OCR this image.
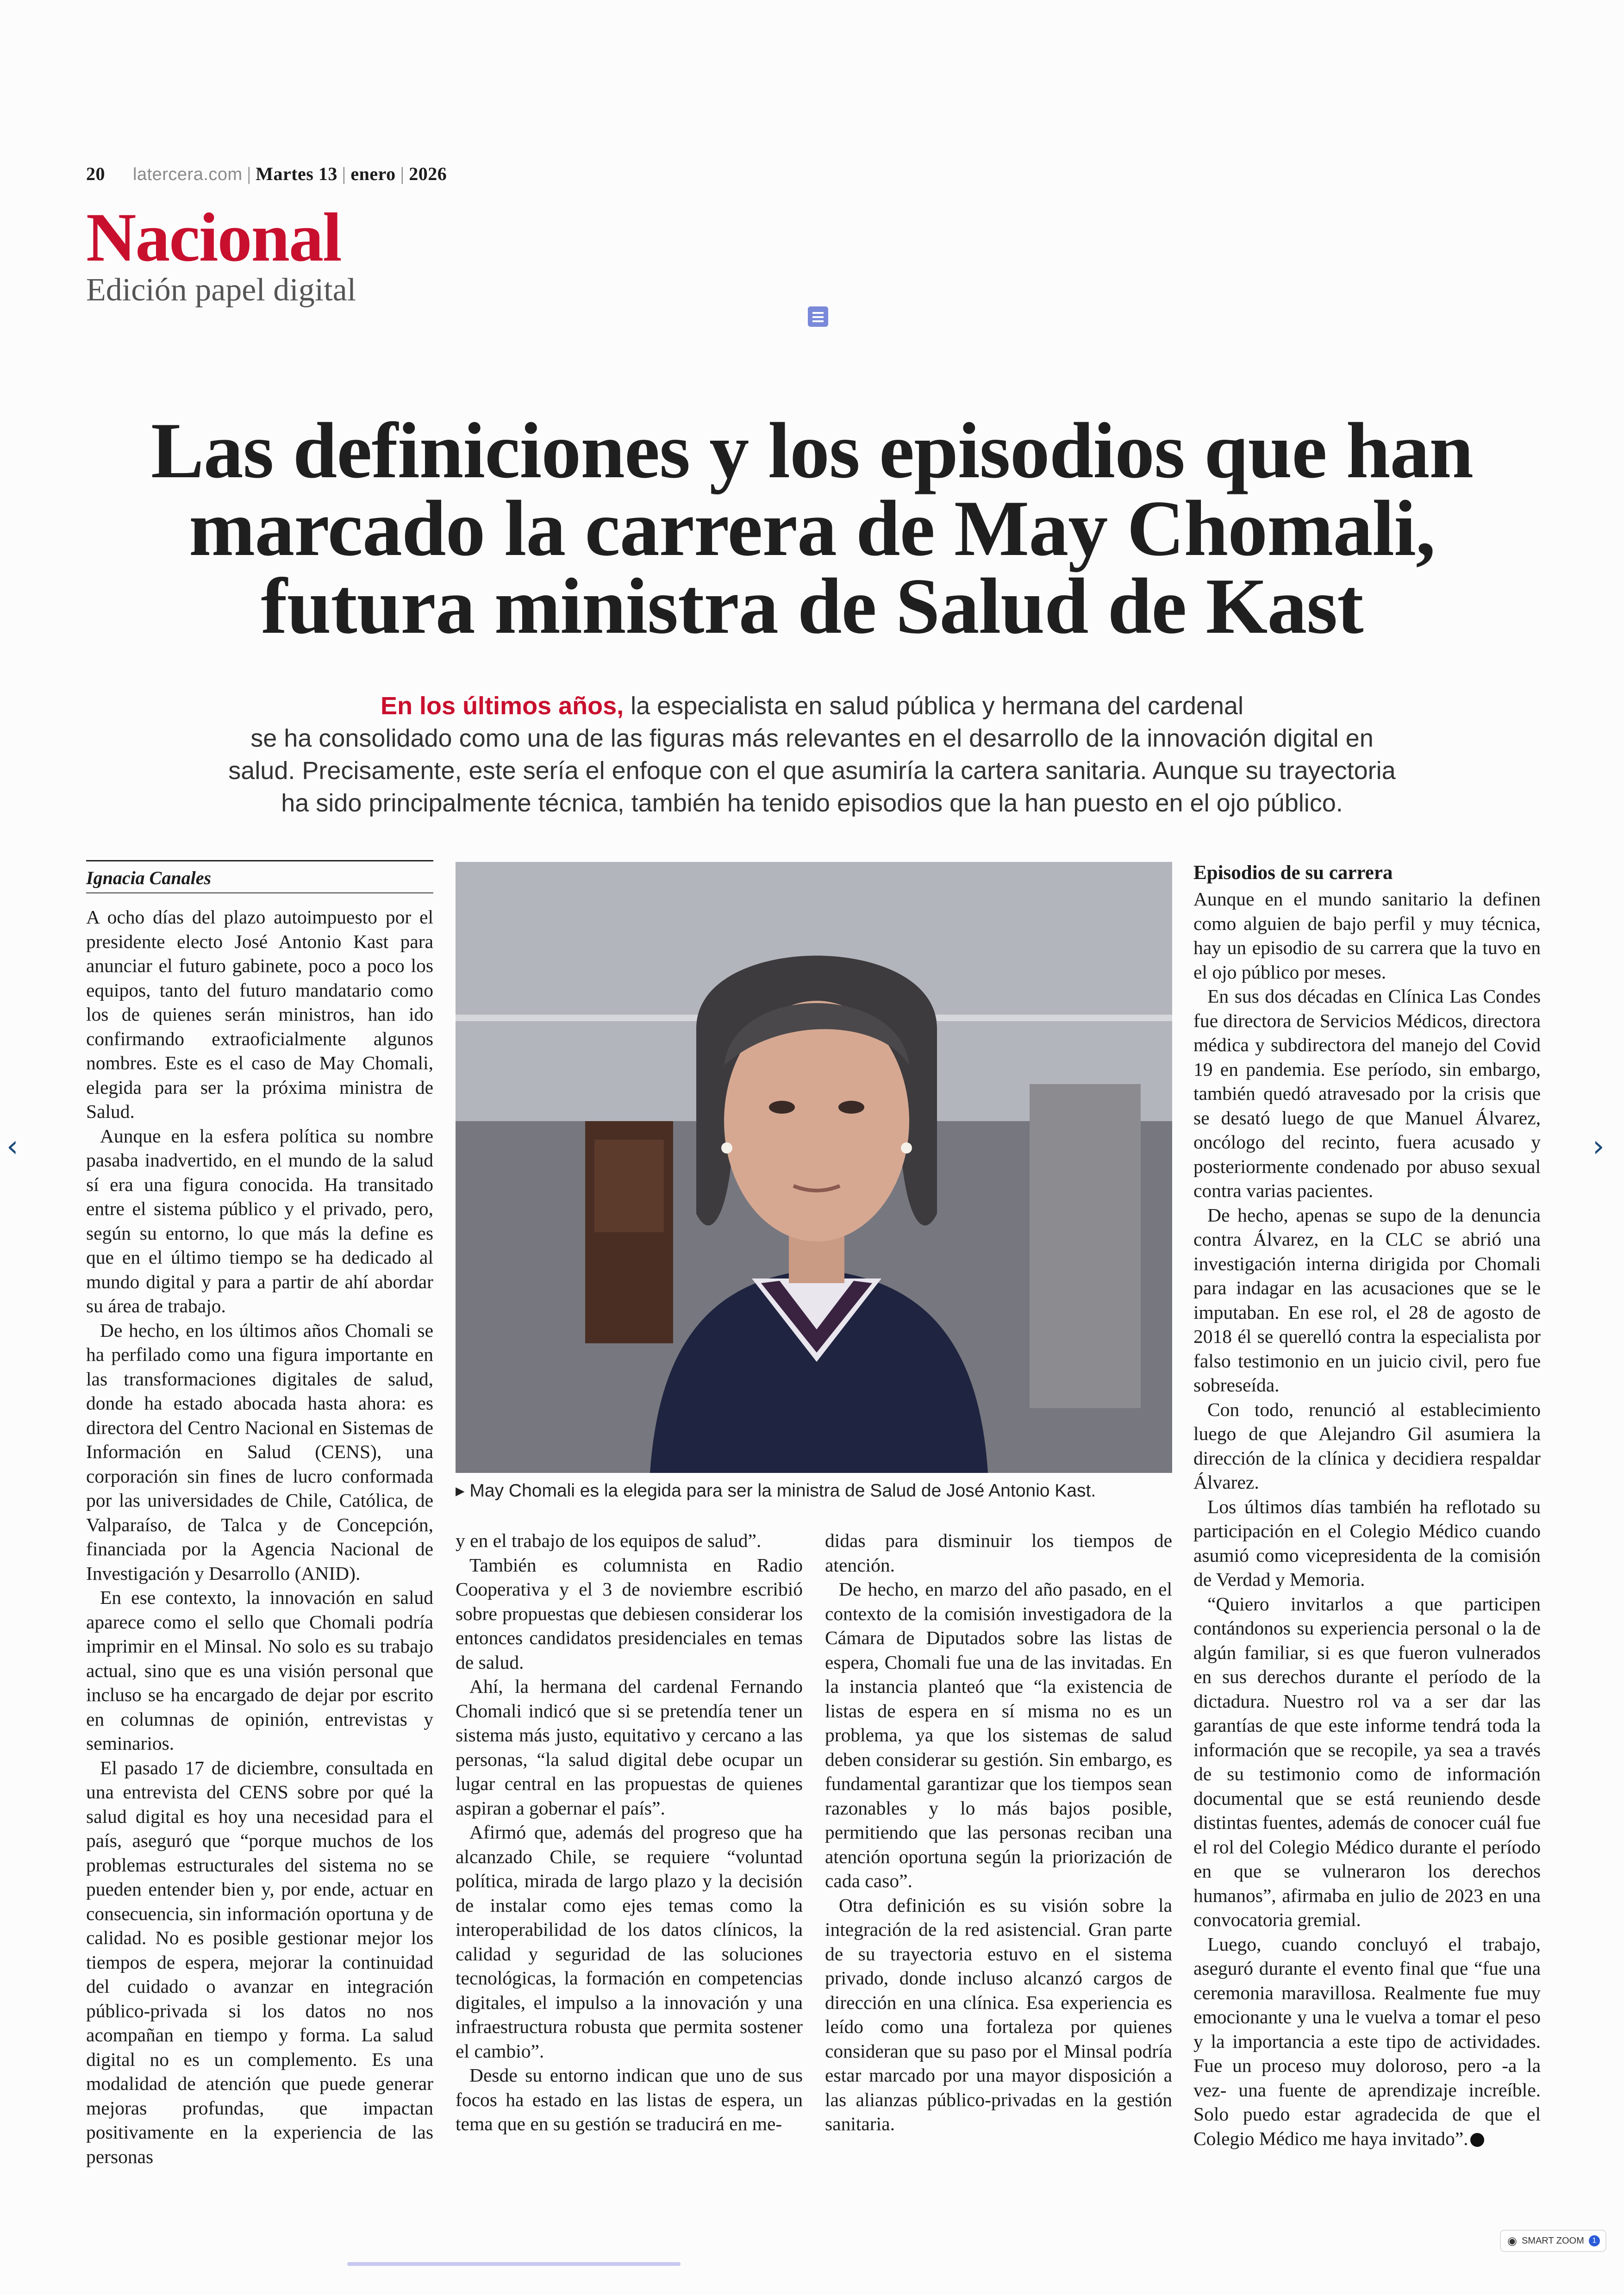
20 latercera.com | Martes 13 | enero | 2026
Nacional
Edición papel digital
Las definiciones y los episodios que han
marcado la carrera de May Chomali,
futura ministra de Salud de Kast
En los últimos años, la especialista en salud pública y hermana del cardenal
se ha consolidado como una de las figuras más relevantes en el desarrollo de la innovación digital en
salud. Precisamente, este sería el enfoque con el que asumiría la cartera sanitaria. Aunque su trayectoria
ha sido principalmente técnica, también ha tenido episodios que la han puesto en el ojo público.
Ignacia Canales

A ocho días del plazo autoimpuesto por el presidente electo José Antonio Kast para anunciar el futuro gabinete, poco a poco los equipos, tanto del futuro mandatario como los de quienes serán ministros, han ido confirmando extraoficialmente algunos nombres. Este es el caso de May Chomali, elegida para ser la próxima ministra de Salud.

Aunque en la esfera política su nombre pasaba inadvertido, en el mundo de la salud sí era una figura conocida. Ha transitado entre el sistema público y el privado, pero, según su entorno, lo que más la define es que en el último tiempo se ha dedicado al mundo digital y para a partir de ahí abordar su área de trabajo.

De hecho, en los últimos años Chomali se ha perfilado como una figura importante en las transformaciones digitales de salud, donde ha estado abocada hasta ahora: es directora del Centro Nacional en Sistemas de Información en Salud (CENS), una corporación sin fines de lucro conformada por las universidades de Chile, Católica, de Valparaíso, de Talca y de Concepción, financiada por la Agencia Nacional de Investigación y Desarrollo (ANID).

En ese contexto, la innovación en salud aparece como el sello que Chomali podría imprimir en el Minsal. No solo es su trabajo actual, sino que es una visión personal que incluso se ha encargado de dejar por escrito en columnas de opinión, entrevistas y seminarios.

El pasado 17 de diciembre, consultada en una entrevista del CENS sobre por qué la salud digital es hoy una necesidad para el país, aseguró que “porque muchos de los problemas estructurales del sistema no se pueden entender bien y, por ende, actuar en consecuencia, sin información oportuna y de calidad. No es posible gestionar mejor los tiempos de espera, mejorar la continuidad del cuidado o avanzar en integración público-privada si los datos no nos acompañan en tiempo y forma. La salud digital no es un complemento. Es una modalidad de atención que puede generar mejoras profundas, que impactan positivamente en la experiencia de las personas

▸ May Chomali es la elegida para ser la ministra de Salud de José Antonio Kast.

y en el trabajo de los equipos de salud”.

También es columnista en Radio Cooperativa y el 3 de noviembre escribió sobre propuestas que debiesen considerar los entonces candidatos presidenciales en temas de salud.

Ahí, la hermana del cardenal Fernando Chomali indicó que si se pretendía tener un sistema más justo, equitativo y cercano a las personas, “la salud digital debe ocupar un lugar central en las propuestas de quienes aspiran a gobernar el país”.

Afirmó que, además del progreso que ha alcanzado Chile, se requiere “voluntad política, mirada de largo plazo y la decisión de instalar como ejes temas como la interoperabilidad de los datos clínicos, la calidad y seguridad de las soluciones tecnológicas, la formación en competencias digitales, el impulso a la innovación y una infraestructura robusta que permita sostener el cambio”.

Desde su entorno indican que uno de sus focos ha estado en las listas de espera, un tema que en su gestión se traducirá en me-

didas para disminuir los tiempos de atención.

De hecho, en marzo del año pasado, en el contexto de la comisión investigadora de la Cámara de Diputados sobre las listas de espera, Chomali fue una de las invitadas. En la instancia planteó que “la existencia de listas de espera en sí misma no es un problema, ya que los sistemas de salud deben considerar su gestión. Sin embargo, es fundamental garantizar que los tiempos sean razonables y lo más bajos posible, permitiendo que las personas reciban una atención oportuna según la priorización de cada caso”.

Otra definición es su visión sobre la integración de la red asistencial. Gran parte de su trayectoria estuvo en el sistema privado, donde incluso alcanzó cargos de dirección en una clínica. Esa experiencia es leído como una fortaleza por quienes consideran que su paso por el Minsal podría estar marcado por una mayor disposición a las alianzas público-privadas en la gestión sanitaria.

Episodios de su carrera

Aunque en el mundo sanitario la definen como alguien de bajo perfil y muy técnica, hay un episodio de su carrera que la tuvo en el ojo público por meses.

En sus dos décadas en Clínica Las Condes fue directora de Servicios Médicos, directora médica y subdirectora del manejo del Covid 19 en pandemia. Ese período, sin embargo, también quedó atravesado por la crisis que se desató luego de que Manuel Álvarez, oncólogo del recinto, fuera acusado y posteriormente condenado por abuso sexual contra varias pacientes.

De hecho, apenas se supo de la denuncia contra Álvarez, en la CLC se abrió una investigación interna dirigida por Chomali para indagar en las acusaciones que se le imputaban. En ese rol, el 28 de agosto de 2018 él se querelló contra la especialista por falso testimonio en un juicio civil, pero fue sobreseída.

Con todo, renunció al establecimiento luego de que Alejandro Gil asumiera la dirección de la clínica y decidiera respaldar Álvarez.

Los últimos días también ha reflotado su participación en el Colegio Médico cuando asumió como vicepresidenta de la comisión de Verdad y Memoria.

“Quiero invitarlos a que participen contándonos su experiencia personal o la de algún familiar, si es que fueron vulnerados en sus derechos durante el período de la dictadura. Nuestro rol va a ser dar las garantías de que este informe tendrá toda la información que se recopile, ya sea a través de su testimonio como de información documental que se está reuniendo desde distintas fuentes, además de conocer cuál fue el rol del Colegio Médico durante el período en que se vulneraron los derechos humanos”, afirmaba en julio de 2023 en una convocatoria gremial.

Luego, cuando concluyó el trabajo, aseguró durante el evento final que “fue una ceremonia maravillosa. Realmente fue muy emocionante y una le vuelva a tomar el peso y la importancia a este tipo de actividades. Fue un proceso muy doloroso, pero -a la vez- una fuente de aprendizaje increíble. Solo puedo estar agradecida de que el Colegio Médico me haya invitado”.

‹	›
◉ SMART ZOOM	1
